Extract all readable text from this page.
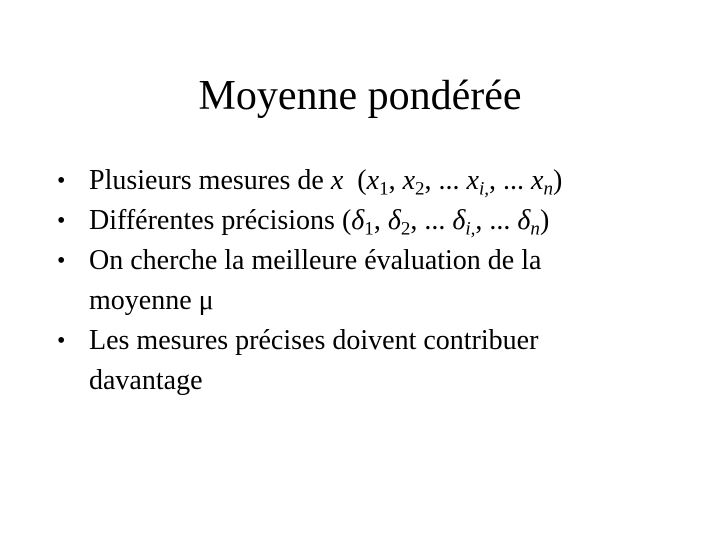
Moyenne pondérée
• Plusieurs mesures de x  ($x_1$, $x_2$, ... $x_{i,}$, ... $x_n$)
• Différentes précisions ($\delta_1$, $\delta_2$, ... $\delta_{i,}$, ... $\delta_n$)
• On cherche la meilleure évaluation de la
moyenne μ
• Les mesures précises doivent contribuer
davantage
